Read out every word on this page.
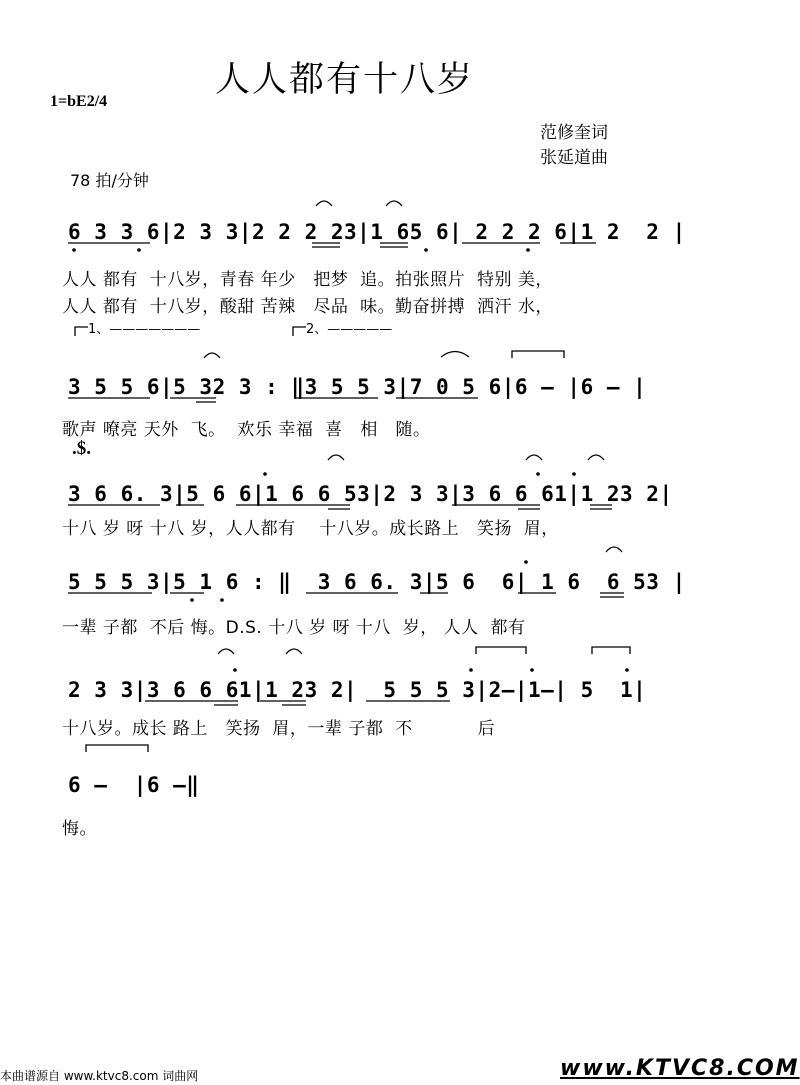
人人都有十八岁
1=bE2/4
范修奎词
张延道曲
78 拍/分钟
6 3 3 6|2 3 3|2 2 2 23|1 65 6| 2 2 2 6|1 2  2 |
人人 都有  十八岁，青春 年少   把梦  追。拍张照片  特别 美，
人人 都有  十八岁，酸甜 苦辣   尽品  味。勤奋拼搏  洒汗 水，
1、———————	2、—————
3 5 5 6|5 32 3 : ‖3 5 5 3|7 0 5 6|6 — |6 — |
歌声 嘹亮 天外  飞。  欢乐 幸福  喜   相   随。
.$.
3 6 6. 3|5 6 6|1 6 6 53|2 3 3|3 6 6 61|1 23 2|
十八 岁 呀 十八 岁，人人都有    十八岁。成长路上   笑扬  眉，
5 5 5 3|5 1 6 : ‖  3 6 6. 3|5 6  6| 1 6  6 53 |
一辈 子都  不后 悔。D.S. 十八 岁 呀 十八  岁， 人人  都有
2 3 3|3 6 6 61|1 23 2|  5 5 5 3|2—|1—| 5  1|
十八岁。成长 路上   笑扬  眉，一辈 子都  不           后
6 —  |6 —‖
悔。
本曲谱源自 www.ktvc8.com 词曲网	www.KTVC8.COM
